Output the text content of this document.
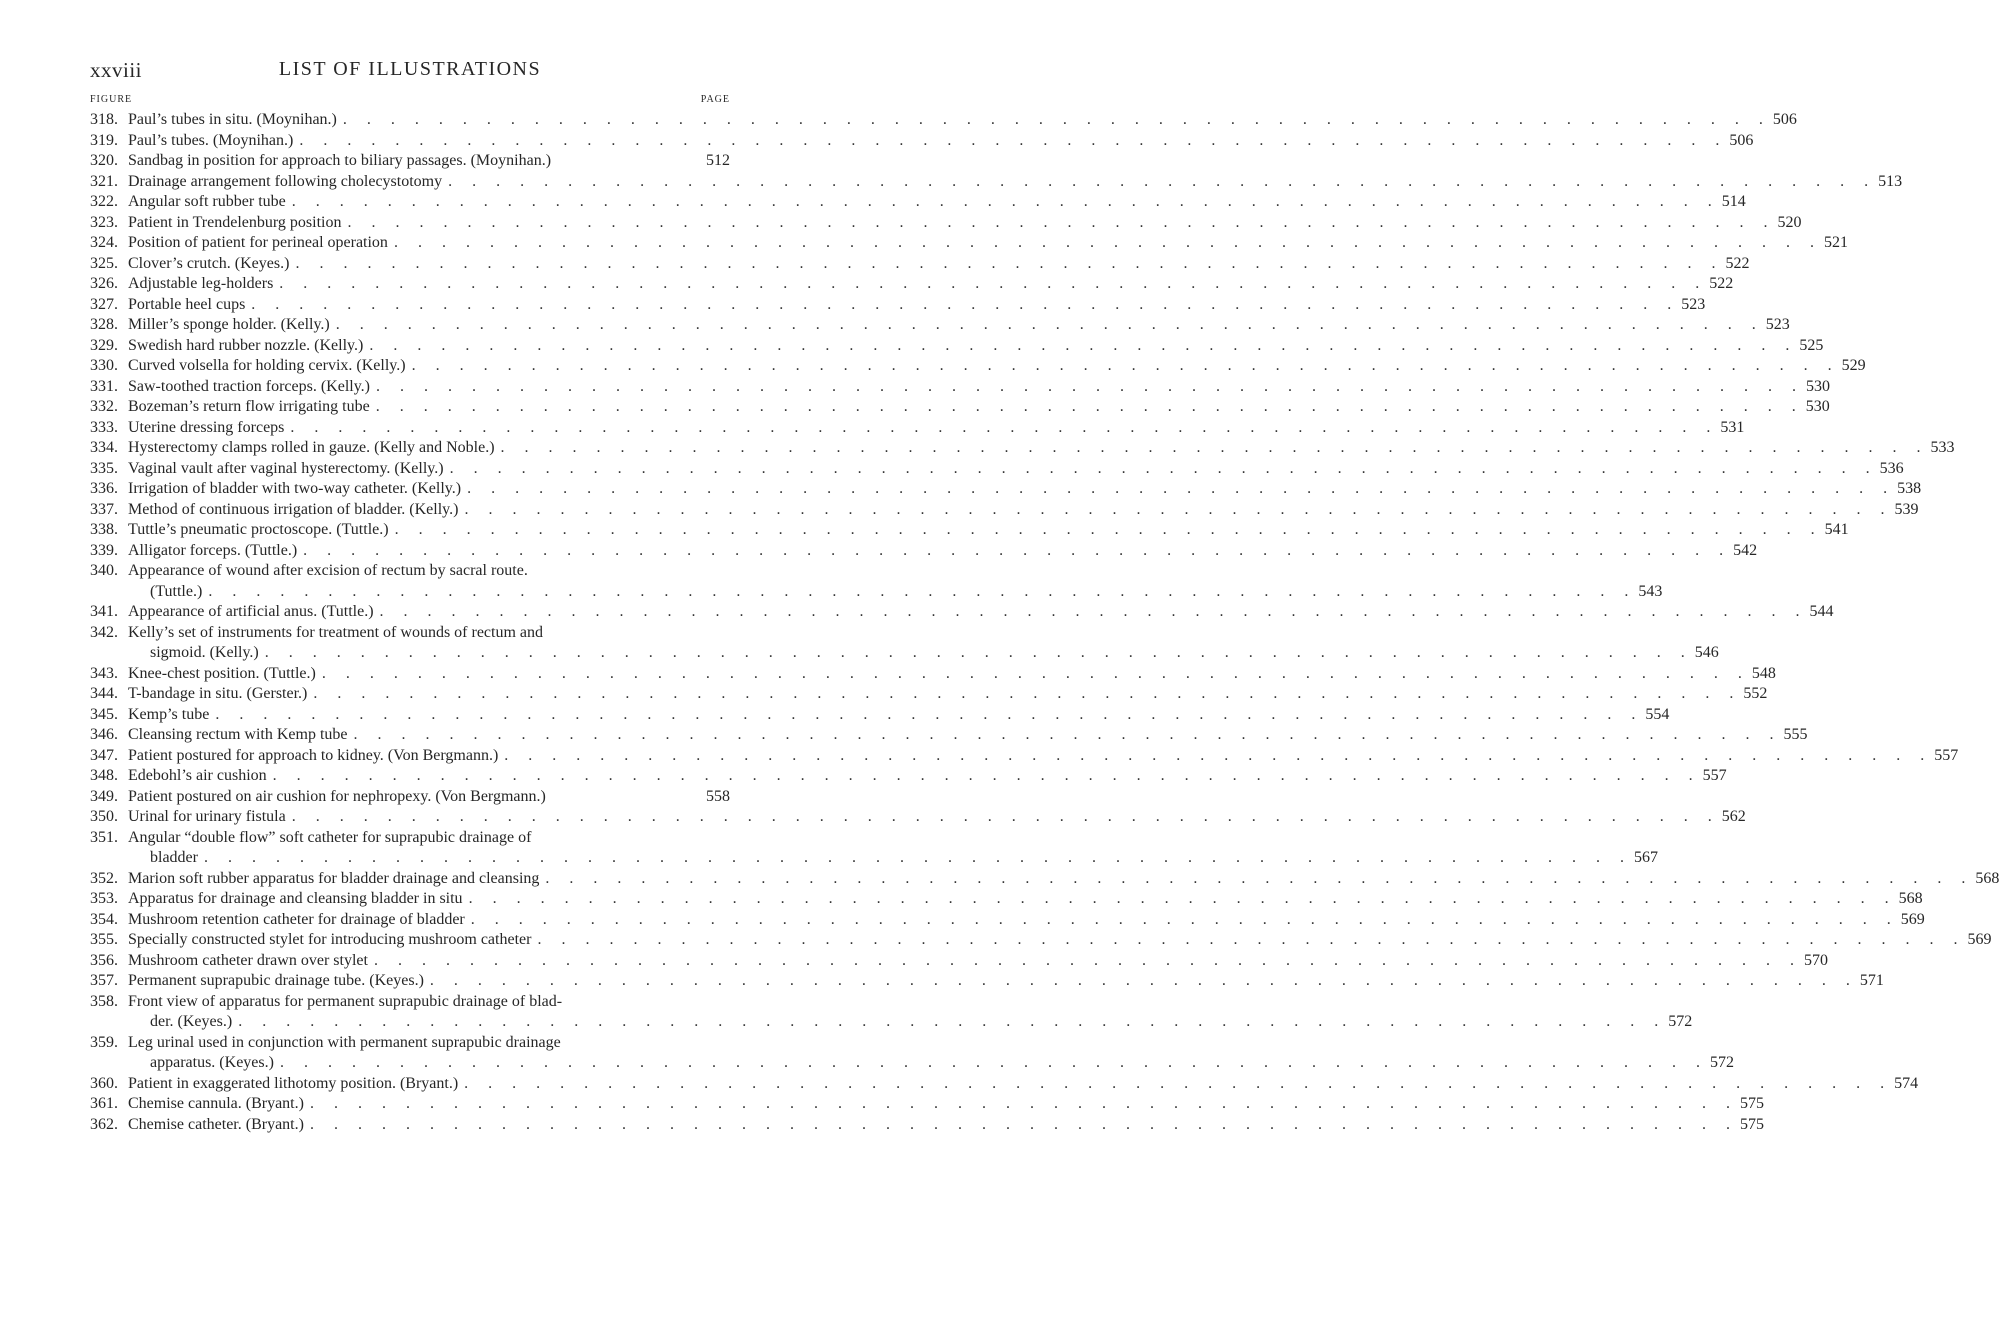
xxviii	LIST OF ILLUSTRATIONS
FIGURE	PAGE
318. Paul’s tubes in situ. (Moynihan.) . . . . . . . . . . . . . . . . . . . . . . . . . . . . . . . . . . . . . . . . . . . . . . . . . . . . . . . . . . . . 506
319. Paul’s tubes. (Moynihan.) . . . . . . . . . . . . . . . . . . . . . . . . . . . . . . . . . . . . . . . . . . . . . . . . . . . . . . . . . . . . 506
320. Sandbag in position for approach to biliary passages. (Moynihan.)	512
321. Drainage arrangement following cholecystotomy . . . . . . . . . . . . . . . . . . . . . . . . . . . . . . . . . . . . . . . . . . . . . . . . . . . . . . . . . . . . 513
322. Angular soft rubber tube . . . . . . . . . . . . . . . . . . . . . . . . . . . . . . . . . . . . . . . . . . . . . . . . . . . . . . . . . . . . 514
323. Patient in Trendelenburg position . . . . . . . . . . . . . . . . . . . . . . . . . . . . . . . . . . . . . . . . . . . . . . . . . . . . . . . . . . . . 520
324. Position of patient for perineal operation . . . . . . . . . . . . . . . . . . . . . . . . . . . . . . . . . . . . . . . . . . . . . . . . . . . . . . . . . . . . 521
325. Clover’s crutch. (Keyes.) . . . . . . . . . . . . . . . . . . . . . . . . . . . . . . . . . . . . . . . . . . . . . . . . . . . . . . . . . . . . 522
326. Adjustable leg-holders . . . . . . . . . . . . . . . . . . . . . . . . . . . . . . . . . . . . . . . . . . . . . . . . . . . . . . . . . . . . 522
327. Portable heel cups . . . . . . . . . . . . . . . . . . . . . . . . . . . . . . . . . . . . . . . . . . . . . . . . . . . . . . . . . . . . 523
328. Miller’s sponge holder. (Kelly.) . . . . . . . . . . . . . . . . . . . . . . . . . . . . . . . . . . . . . . . . . . . . . . . . . . . . . . . . . . . . 523
329. Swedish hard rubber nozzle. (Kelly.) . . . . . . . . . . . . . . . . . . . . . . . . . . . . . . . . . . . . . . . . . . . . . . . . . . . . . . . . . . . . 525
330. Curved volsella for holding cervix. (Kelly.) . . . . . . . . . . . . . . . . . . . . . . . . . . . . . . . . . . . . . . . . . . . . . . . . . . . . . . . . . . . . 529
331. Saw-toothed traction forceps. (Kelly.) . . . . . . . . . . . . . . . . . . . . . . . . . . . . . . . . . . . . . . . . . . . . . . . . . . . . . . . . . . . . 530
332. Bozeman’s return flow irrigating tube . . . . . . . . . . . . . . . . . . . . . . . . . . . . . . . . . . . . . . . . . . . . . . . . . . . . . . . . . . . . 530
333. Uterine dressing forceps . . . . . . . . . . . . . . . . . . . . . . . . . . . . . . . . . . . . . . . . . . . . . . . . . . . . . . . . . . . . 531
334. Hysterectomy clamps rolled in gauze. (Kelly and Noble.) . . . . . . . . . . . . . . . . . . . . . . . . . . . . . . . . . . . . . . . . . . . . . . . . . . . . . . . . . . . . 533
335. Vaginal vault after vaginal hysterectomy. (Kelly.) . . . . . . . . . . . . . . . . . . . . . . . . . . . . . . . . . . . . . . . . . . . . . . . . . . . . . . . . . . . . 536
336. Irrigation of bladder with two-way catheter. (Kelly.) . . . . . . . . . . . . . . . . . . . . . . . . . . . . . . . . . . . . . . . . . . . . . . . . . . . . . . . . . . . . 538
337. Method of continuous irrigation of bladder. (Kelly.) . . . . . . . . . . . . . . . . . . . . . . . . . . . . . . . . . . . . . . . . . . . . . . . . . . . . . . . . . . . . 539
338. Tuttle’s pneumatic proctoscope. (Tuttle.) . . . . . . . . . . . . . . . . . . . . . . . . . . . . . . . . . . . . . . . . . . . . . . . . . . . . . . . . . . . . 541
339. Alligator forceps. (Tuttle.) . . . . . . . . . . . . . . . . . . . . . . . . . . . . . . . . . . . . . . . . . . . . . . . . . . . . . . . . . . . . 542
340. Appearance of wound after excision of rectum by sacral route.
(Tuttle.) . . . . . . . . . . . . . . . . . . . . . . . . . . . . . . . . . . . . . . . . . . . . . . . . . . . . . . . . . . . . 543
341. Appearance of artificial anus. (Tuttle.) . . . . . . . . . . . . . . . . . . . . . . . . . . . . . . . . . . . . . . . . . . . . . . . . . . . . . . . . . . . . 544
342. Kelly’s set of instruments for treatment of wounds of rectum and
sigmoid. (Kelly.) . . . . . . . . . . . . . . . . . . . . . . . . . . . . . . . . . . . . . . . . . . . . . . . . . . . . . . . . . . . . 546
343. Knee-chest position. (Tuttle.) . . . . . . . . . . . . . . . . . . . . . . . . . . . . . . . . . . . . . . . . . . . . . . . . . . . . . . . . . . . . 548
344. T-bandage in situ. (Gerster.) . . . . . . . . . . . . . . . . . . . . . . . . . . . . . . . . . . . . . . . . . . . . . . . . . . . . . . . . . . . . 552
345. Kemp’s tube . . . . . . . . . . . . . . . . . . . . . . . . . . . . . . . . . . . . . . . . . . . . . . . . . . . . . . . . . . . . 554
346. Cleansing rectum with Kemp tube . . . . . . . . . . . . . . . . . . . . . . . . . . . . . . . . . . . . . . . . . . . . . . . . . . . . . . . . . . . . 555
347. Patient postured for approach to kidney. (Von Bergmann.) . . . . . . . . . . . . . . . . . . . . . . . . . . . . . . . . . . . . . . . . . . . . . . . . . . . . . . . . . . . . 557
348. Edebohl’s air cushion . . . . . . . . . . . . . . . . . . . . . . . . . . . . . . . . . . . . . . . . . . . . . . . . . . . . . . . . . . . . 557
349. Patient postured on air cushion for nephropexy. (Von Bergmann.)	558
350. Urinal for urinary fistula . . . . . . . . . . . . . . . . . . . . . . . . . . . . . . . . . . . . . . . . . . . . . . . . . . . . . . . . . . . . 562
351. Angular “double flow” soft catheter for suprapubic drainage of
bladder . . . . . . . . . . . . . . . . . . . . . . . . . . . . . . . . . . . . . . . . . . . . . . . . . . . . . . . . . . . . 567
352. Marion soft rubber apparatus for bladder drainage and cleansing . . . . . . . . . . . . . . . . . . . . . . . . . . . . . . . . . . . . . . . . . . . . . . . . . . . . . . . . . . . . 568
353. Apparatus for drainage and cleansing bladder in situ . . . . . . . . . . . . . . . . . . . . . . . . . . . . . . . . . . . . . . . . . . . . . . . . . . . . . . . . . . . . 568
354. Mushroom retention catheter for drainage of bladder . . . . . . . . . . . . . . . . . . . . . . . . . . . . . . . . . . . . . . . . . . . . . . . . . . . . . . . . . . . . 569
355. Specially constructed stylet for introducing mushroom catheter . . . . . . . . . . . . . . . . . . . . . . . . . . . . . . . . . . . . . . . . . . . . . . . . . . . . . . . . . . . . 569
356. Mushroom catheter drawn over stylet . . . . . . . . . . . . . . . . . . . . . . . . . . . . . . . . . . . . . . . . . . . . . . . . . . . . . . . . . . . . 570
357. Permanent suprapubic drainage tube. (Keyes.) . . . . . . . . . . . . . . . . . . . . . . . . . . . . . . . . . . . . . . . . . . . . . . . . . . . . . . . . . . . . 571
358. Front view of apparatus for permanent suprapubic drainage of blad-
der. (Keyes.) . . . . . . . . . . . . . . . . . . . . . . . . . . . . . . . . . . . . . . . . . . . . . . . . . . . . . . . . . . . . 572
359. Leg urinal used in conjunction with permanent suprapubic drainage
apparatus. (Keyes.) . . . . . . . . . . . . . . . . . . . . . . . . . . . . . . . . . . . . . . . . . . . . . . . . . . . . . . . . . . . . 572
360. Patient in exaggerated lithotomy position. (Bryant.) . . . . . . . . . . . . . . . . . . . . . . . . . . . . . . . . . . . . . . . . . . . . . . . . . . . . . . . . . . . . 574
361. Chemise cannula. (Bryant.) . . . . . . . . . . . . . . . . . . . . . . . . . . . . . . . . . . . . . . . . . . . . . . . . . . . . . . . . . . . . 575
362. Chemise catheter. (Bryant.) . . . . . . . . . . . . . . . . . . . . . . . . . . . . . . . . . . . . . . . . . . . . . . . . . . . . . . . . . . . . 575
